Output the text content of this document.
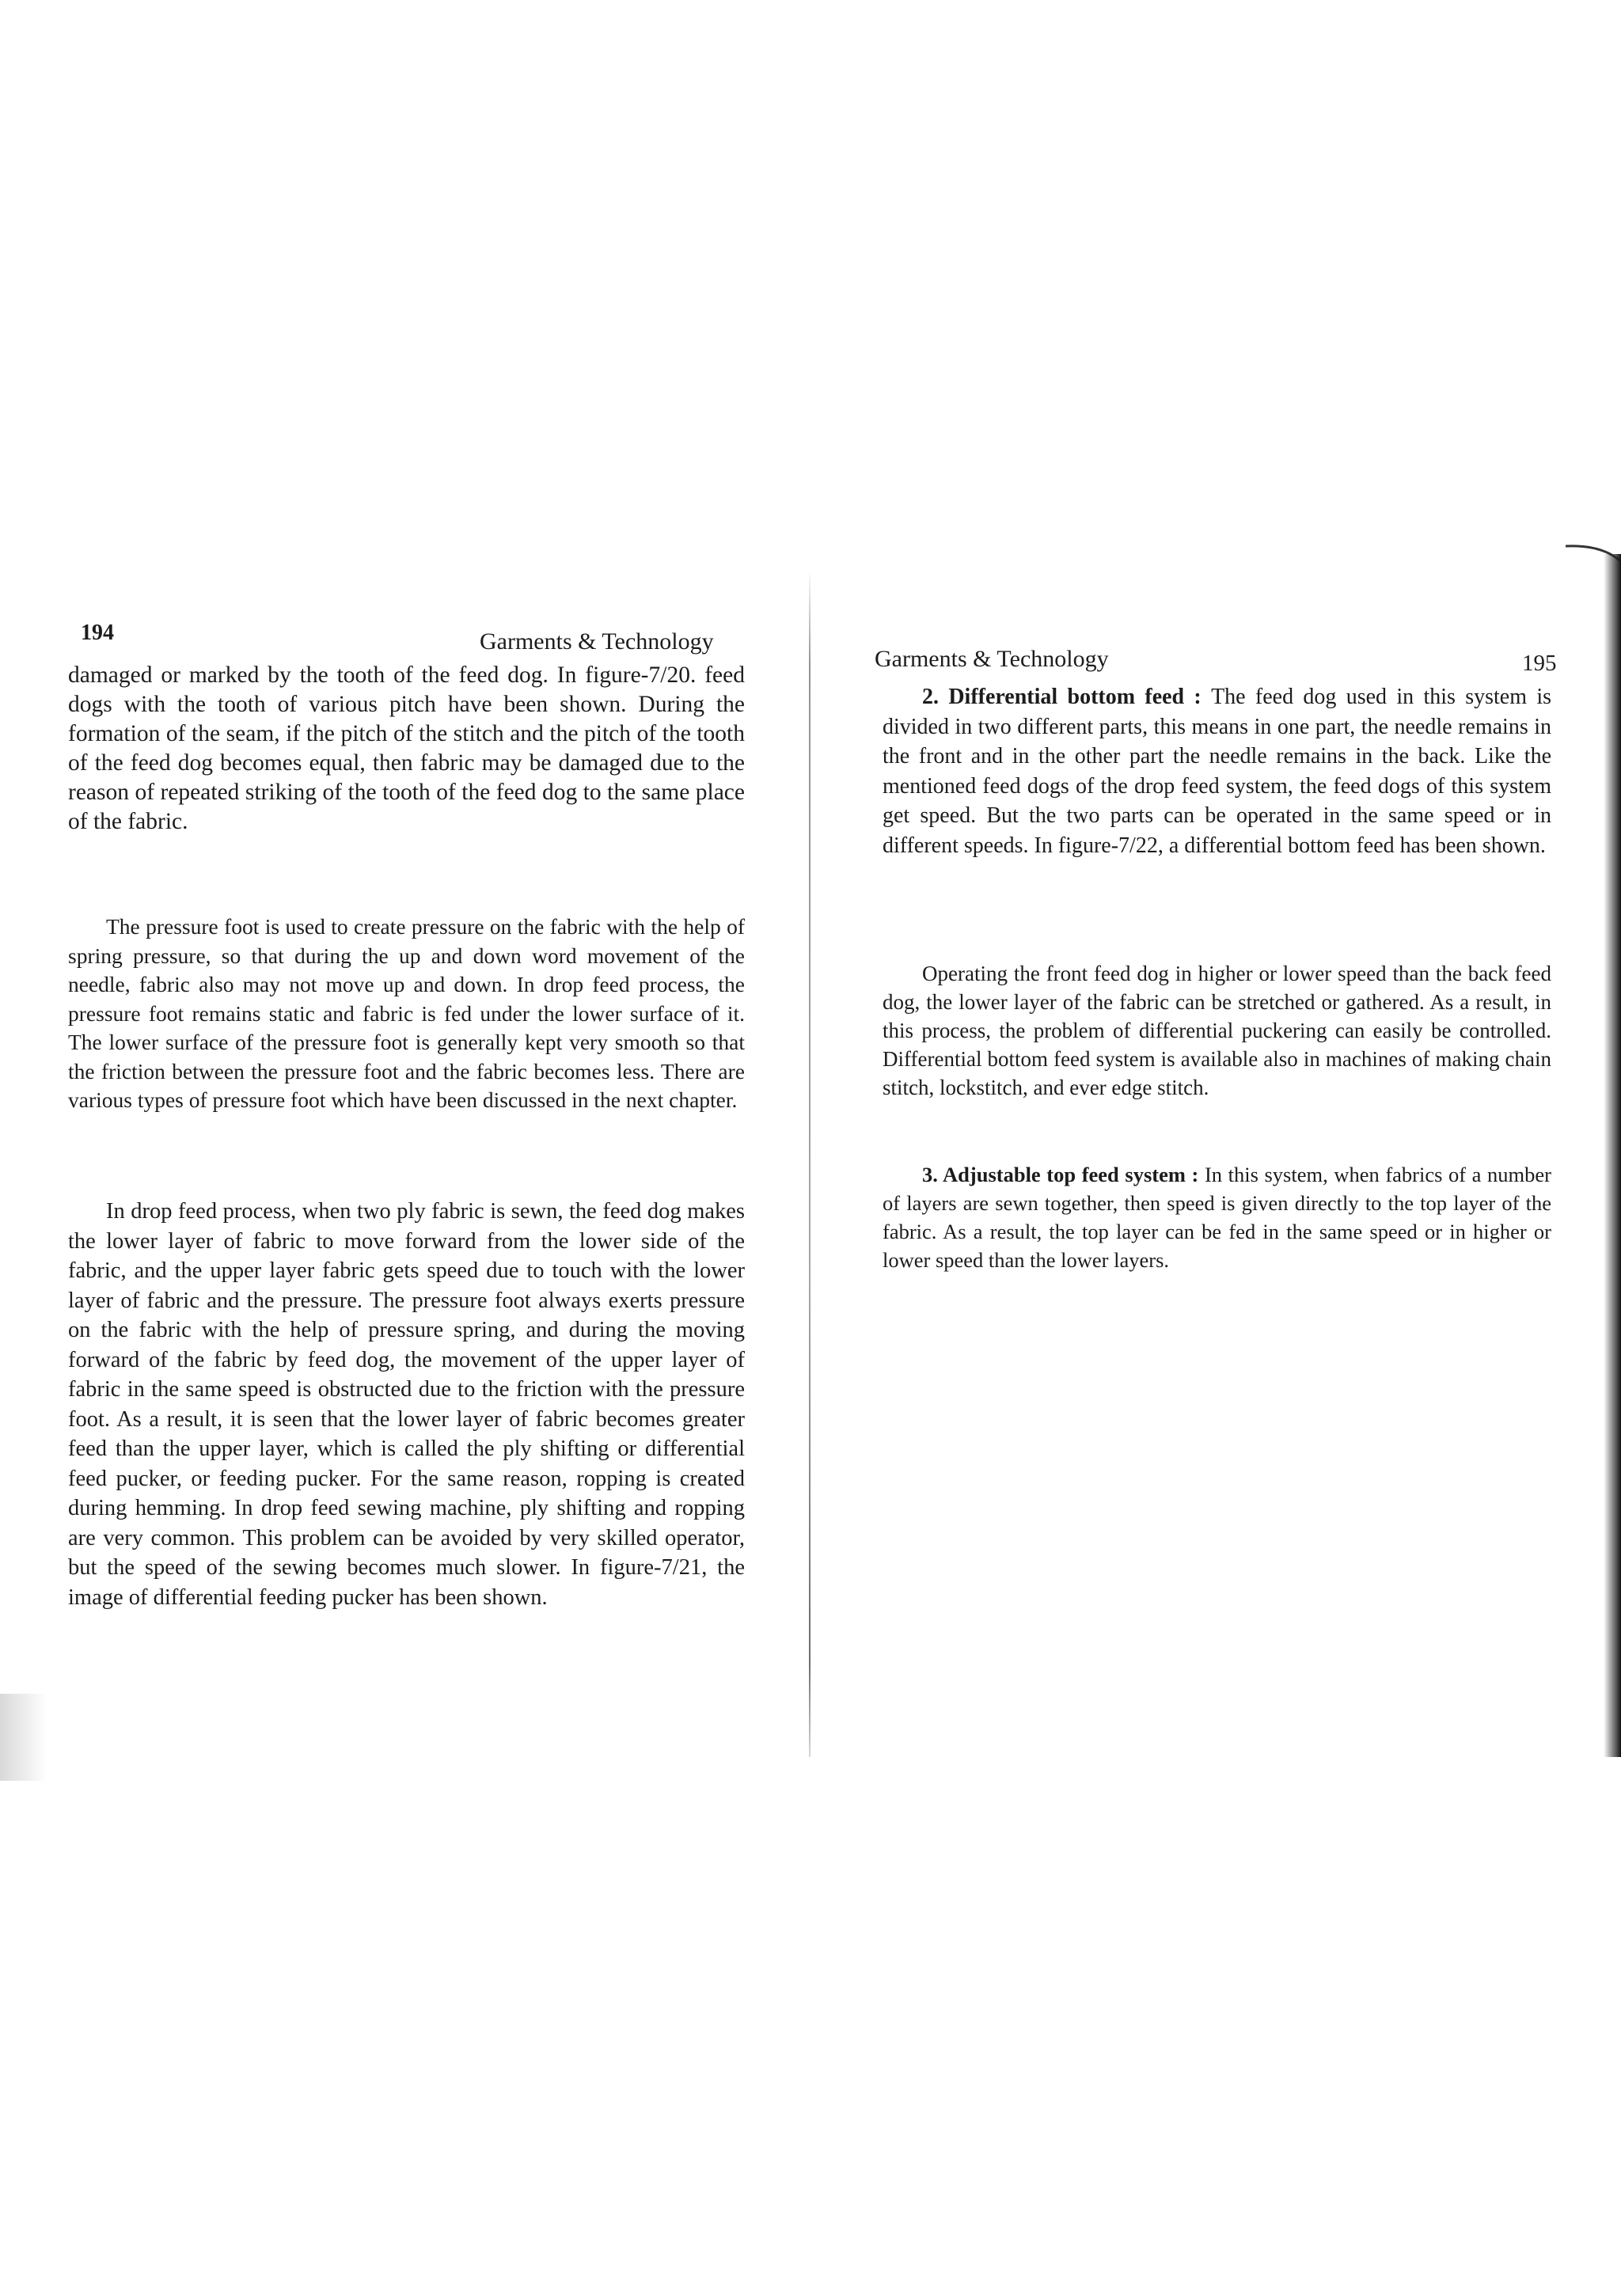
194	Garments & Technology

damaged or marked by the tooth of the feed dog. In figure-7/20. feed dogs with the tooth of various pitch have been shown. During the formation of the seam, if the pitch of the stitch and the pitch of the tooth of the feed dog becomes equal, then fabric may be damaged due to the reason of repeated striking of the tooth of the feed dog to the same place of the fabric.

The pressure foot is used to create pressure on the fabric with the help of spring pressure, so that during the up and down word movement of the needle, fabric also may not move up and down. In drop feed process, the pressure foot remains static and fabric is fed under the lower surface of it. The lower surface of the pressure foot is generally kept very smooth so that the friction between the pressure foot and the fabric becomes less. There are various types of pressure foot which have been discussed in the next chapter.

In drop feed process, when two ply fabric is sewn, the feed dog makes the lower layer of fabric to move forward from the lower side of the fabric, and the upper layer fabric gets speed due to touch with the lower layer of fabric and the pressure. The pressure foot always exerts pressure on the fabric with the help of pressure spring, and during the moving forward of the fabric by feed dog, the movement of the upper layer of fabric in the same speed is obstructed due to the friction with the pressure foot. As a result, it is seen that the lower layer of fabric becomes greater feed than the upper layer, which is called the ply shifting or differential feed pucker, or feeding pucker. For the same reason, ropping is created during hemming. In drop feed sewing machine, ply shifting and ropping are very common. This problem can be avoided by very skilled operator, but the speed of the sewing becomes much slower. In figure-7/21, the image of differential feeding pucker has been shown.

Garments & Technology	195

2. Differential bottom feed : The feed dog used in this system is divided in two different parts, this means in one part, the needle remains in the front and in the other part the needle remains in the back. Like the mentioned feed dogs of the drop feed system, the feed dogs of this system get speed. But the two parts can be operated in the same speed or in different speeds. In figure-7/22, a differential bottom feed has been shown.

Operating the front feed dog in higher or lower speed than the back feed dog, the lower layer of the fabric can be stretched or gathered. As a result, in this process, the problem of differential puckering can easily be controlled. Differential bottom feed system is available also in machines of making chain stitch, lockstitch, and ever edge stitch.

3. Adjustable top feed system : In this system, when fabrics of a number of layers are sewn together, then speed is given directly to the top layer of the fabric. As a result, the top layer can be fed in the same speed or in higher or lower speed than the lower layers.
